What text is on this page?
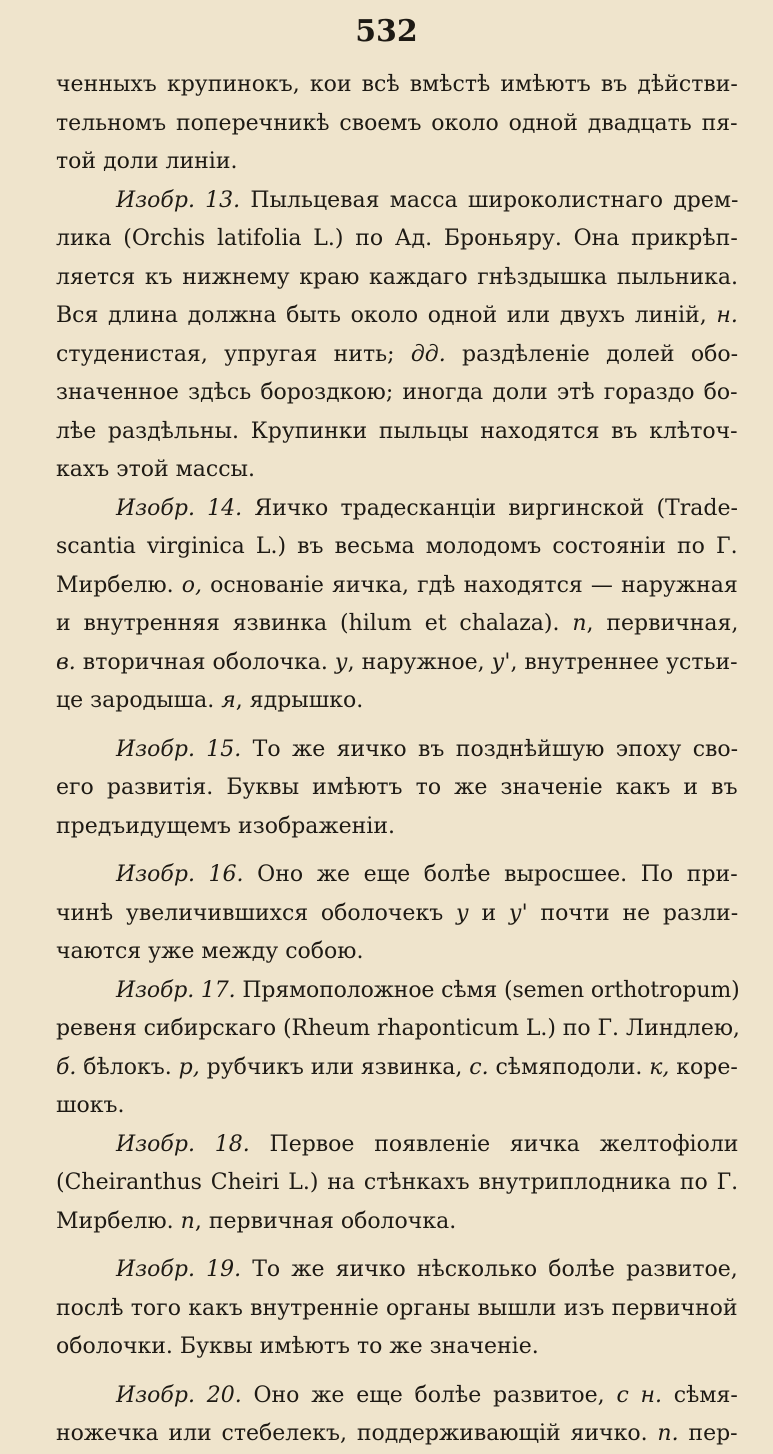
532
ченныхъ крупинокъ, кои всѣ вмѣстѣ имѣютъ въ дѣйстви-
тельномъ поперечникѣ своемъ около одной двадцать пя-
той доли линіи.
Изобр. 13. Пыльцевая масса широколистнаго дрем-
лика (Orchis latifolia L.) по Ад. Броньяру. Она прикрѣп-
ляется къ нижнему краю каждаго гнѣздышка пыльника.
Вся длина должна быть около одной или двухъ линій, н.
студенистая, упругая нить; дд. раздѣленіе долей обо-
значенное здѣсь бороздкою; иногда доли этѣ гораздо бо-
лѣе раздѣльны. Крупинки пыльцы находятся въ клѣточ-
кахъ этой массы.
Изобр. 14. Яичко традесканціи виргинской (Trade-
scantia virginica L.) въ весьма молодомъ состояніи по Г.
Мирбелю. о, основаніе яичка, гдѣ находятся — наружная
и внутренняя язвинка (hilum et chalaza). п, первичная,
в. вторичная оболочка. у, наружное, у', внутреннее устьи-
це зародыша. я, ядрышко.
Изобр. 15. То же яичко въ позднѣйшую эпоху сво-
его развитія. Буквы имѣютъ то же значеніе какъ и въ
предъидущемъ изображеніи.
Изобр. 16. Оно же еще болѣе выросшее. По при-
чинѣ увеличившихся оболочекъ у и у' почти не разли-
чаются уже между собою.
Изобр. 17. Прямоположное сѣмя (semen orthotropum)
ревеня сибирскаго (Rheum rhaponticum L.) по Г. Линдлею,
б. бѣлокъ. р, рубчикъ или язвинка, с. сѣмяподоли. к, коре-
шокъ.
Изобр. 18. Первое появленіе яичка желтофіоли
(Cheiranthus Cheiri L.) на стѣнкахъ внутриплодника по Г.
Мирбелю. п, первичная оболочка.
Изобр. 19. То же яичко нѣсколько болѣе развитое,
послѣ того какъ внутренніе органы вышли изъ первичной
оболочки. Буквы имѣютъ то же значеніе.
Изобр. 20. Оно же еще болѣе развитое, с н. сѣмя-
ножечка или стебелекъ, поддерживающій яичко. п. пер-
